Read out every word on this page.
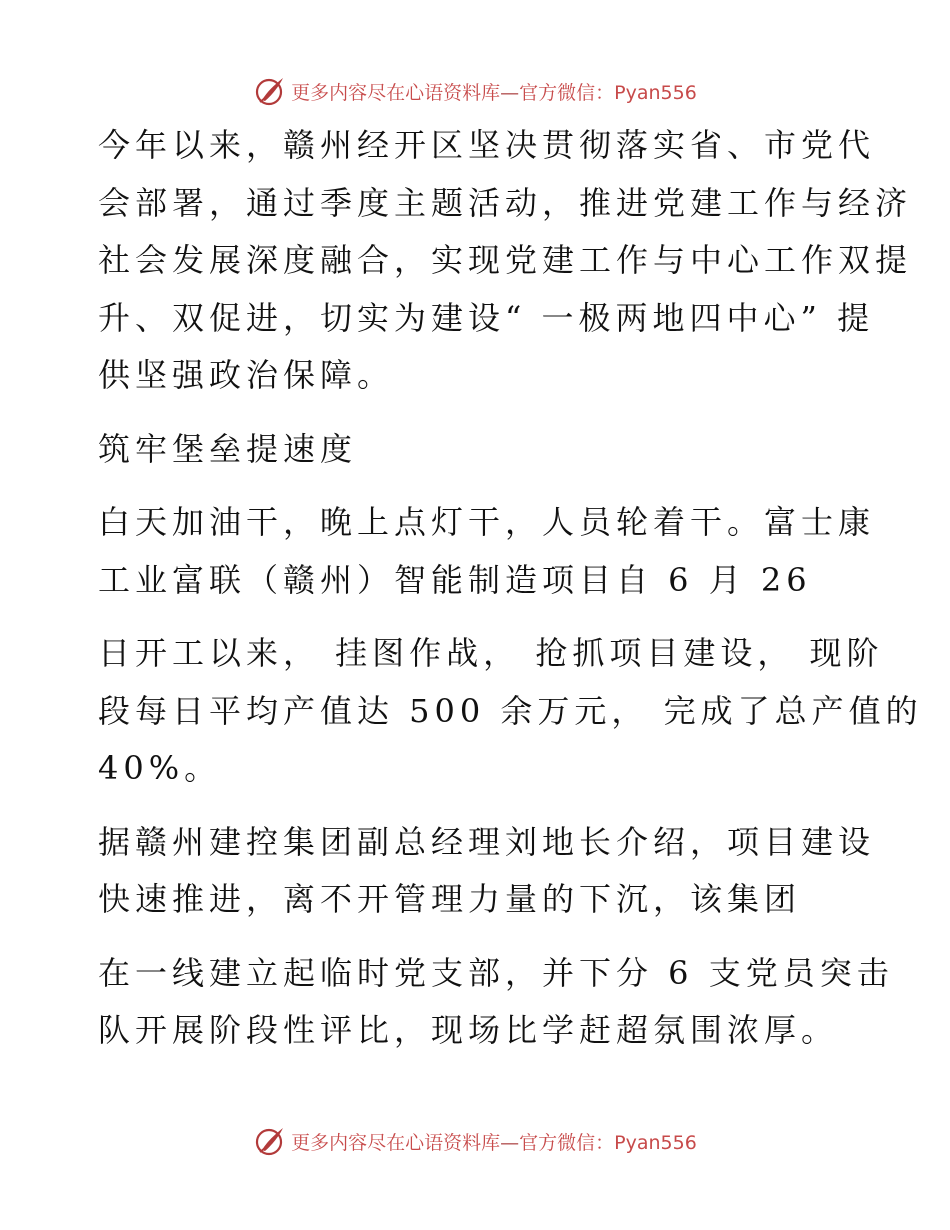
更多内容尽在心语资料库—官方微信：Pyan556

今年以来，赣州经开区坚决贯彻落实省、市党代

会部署，通过季度主题活动，推进党建工作与经济

社会发展深度融合，实现党建工作与中心工作双提

升、双促进，切实为建设“ 一极两地四中心” 提

供坚强政治保障。

筑牢堡垒提速度

白天加油干，晚上点灯干，人员轮着干。富士康

工业富联（赣州）智能制造项目自 6 月 26

日开工以来， 挂图作战， 抢抓项目建设， 现阶

段每日平均产值达 500 余万元， 完成了总产值的

40%。

据赣州建控集团副总经理刘地长介绍，项目建设

快速推进，离不开管理力量的下沉，该集团

在一线建立起临时党支部，并下分 6 支党员突击

队开展阶段性评比，现场比学赶超氛围浓厚。

更多内容尽在心语资料库—官方微信：Pyan556
